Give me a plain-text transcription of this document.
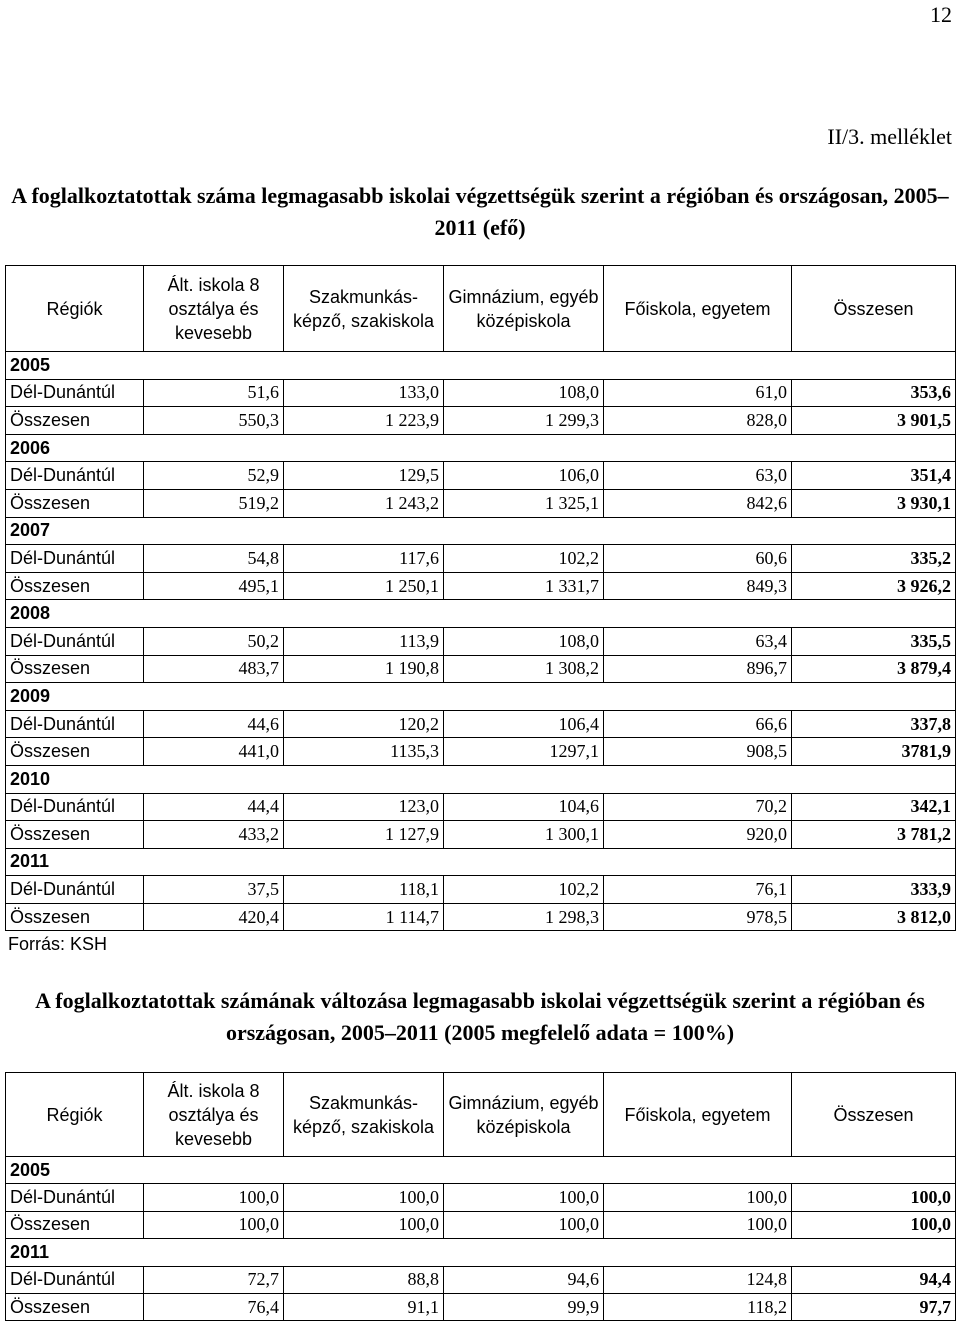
12
II/3. melléklet
A foglalkoztatottak száma legmagasabb iskolai végzettségük szerint a régióban és országosan, 2005–2011 (efő)
Régiók	Ált. iskola 8 osztálya és kevesebb	Szakmunkás-képző, szakiskola	Gimnázium, egyéb középiskola	Főiskola, egyetem	Összesen
2005					
Dél-Dunántúl	51,6	133,0	108,0	61,0	353,6
Összesen	550,3	1 223,9	1 299,3	828,0	3 901,5
2006					
Dél-Dunántúl	52,9	129,5	106,0	63,0	351,4
Összesen	519,2	1 243,2	1 325,1	842,6	3 930,1
2007					
Dél-Dunántúl	54,8	117,6	102,2	60,6	335,2
Összesen	495,1	1 250,1	1 331,7	849,3	3 926,2
2008					
Dél-Dunántúl	50,2	113,9	108,0	63,4	335,5
Összesen	483,7	1 190,8	1 308,2	896,7	3 879,4
2009					
Dél-Dunántúl	44,6	120,2	106,4	66,6	337,8
Összesen	441,0	1135,3	1297,1	908,5	3781,9
2010					
Dél-Dunántúl	44,4	123,0	104,6	70,2	342,1
Összesen	433,2	1 127,9	1 300,1	920,0	3 781,2
2011					
Dél-Dunántúl	37,5	118,1	102,2	76,1	333,9
Összesen	420,4	1 114,7	1 298,3	978,5	3 812,0
Forrás: KSH
A foglalkoztatottak számának változása legmagasabb iskolai végzettségük szerint a régióban és országosan, 2005–2011 (2005 megfelelő adata = 100%)
Régiók	Ált. iskola 8 osztálya és kevesebb	Szakmunkás-képző, szakiskola	Gimnázium, egyéb középiskola	Főiskola, egyetem	Összesen
2005					
Dél-Dunántúl	100,0	100,0	100,0	100,0	100,0
Összesen	100,0	100,0	100,0	100,0	100,0
2011					
Dél-Dunántúl	72,7	88,8	94,6	124,8	94,4
Összesen	76,4	91,1	99,9	118,2	97,7
